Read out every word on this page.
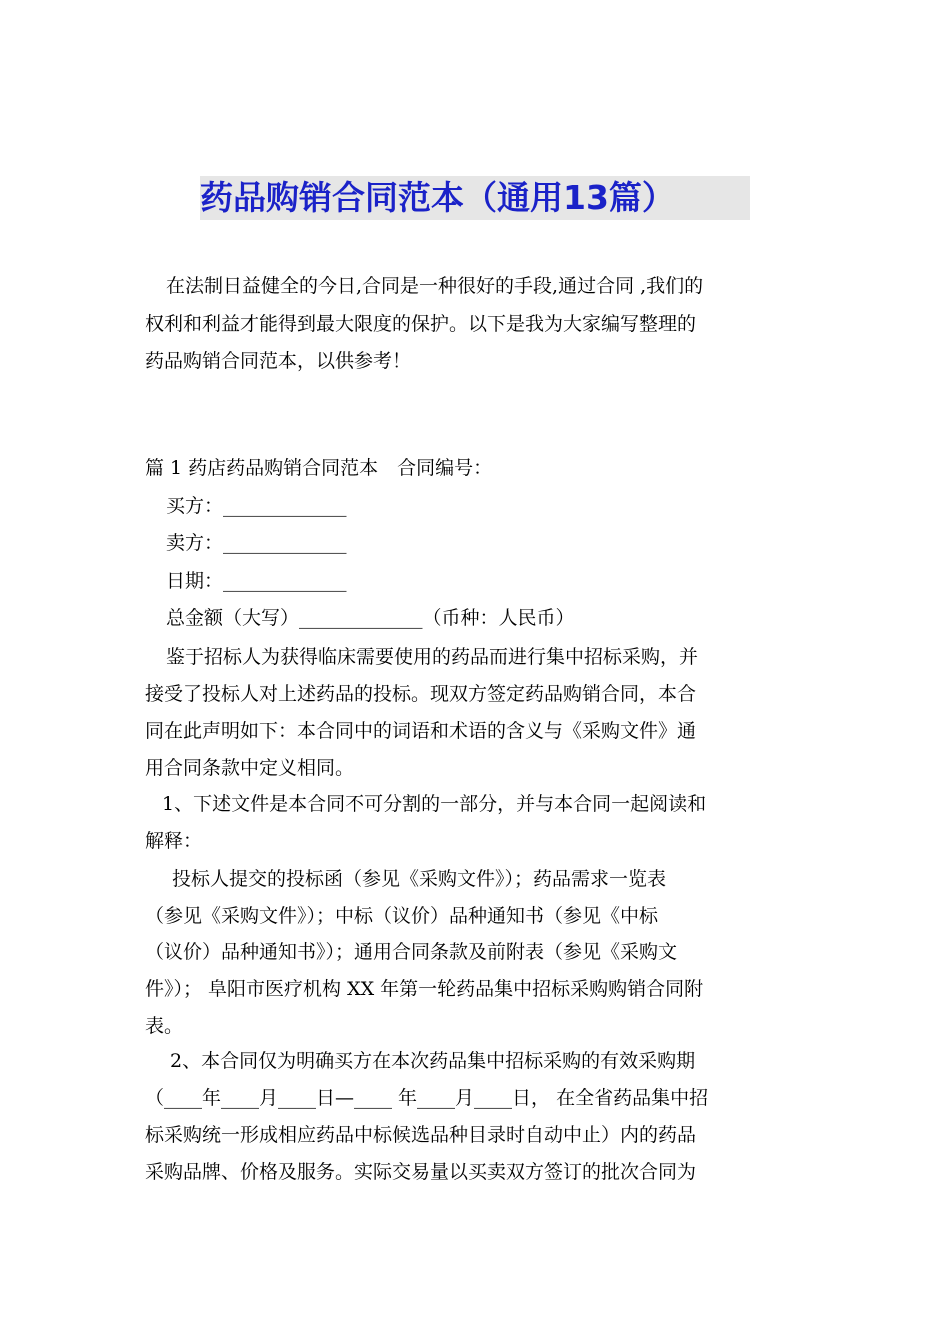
药品购销合同范本（通用13篇）
在法制日益健全的今日,合同是一种很好的手段,通过合同 ,我们的
权利和利益才能得到最大限度的保护。以下是我为大家编写整理的
药品购销合同范本，以供参考！
篇 1 药店药品购销合同范本　合同编号：
买方：_____________
卖方：_____________
日期：_____________
总金额（大写）_____________（币种：人民币）
鉴于招标人为获得临床需要使用的药品而进行集中招标采购，并
接受了投标人对上述药品的投标。现双方签定药品购销合同，本合
同在此声明如下：本合同中的词语和术语的含义与《采购文件》通
用合同条款中定义相同。
1、下述文件是本合同不可分割的一部分，并与本合同一起阅读和
解释：
投标人提交的投标函（参见《采购文件》）；药品需求一览表
（参见《采购文件》）；中标（议价）品种通知书（参见《中标
（议价）品种通知书》）；通用合同条款及前附表（参见《采购文
件》）； 阜阳市医疗机构 XX 年第一轮药品集中招标采购购销合同附
表。
2、本合同仅为明确买方在本次药品集中招标采购的有效采购期
（____年____月____日—____ 年____月____日， 在全省药品集中招
标采购统一形成相应药品中标候选品种目录时自动中止）内的药品
采购品牌、价格及服务。实际交易量以买卖双方签订的批次合同为
